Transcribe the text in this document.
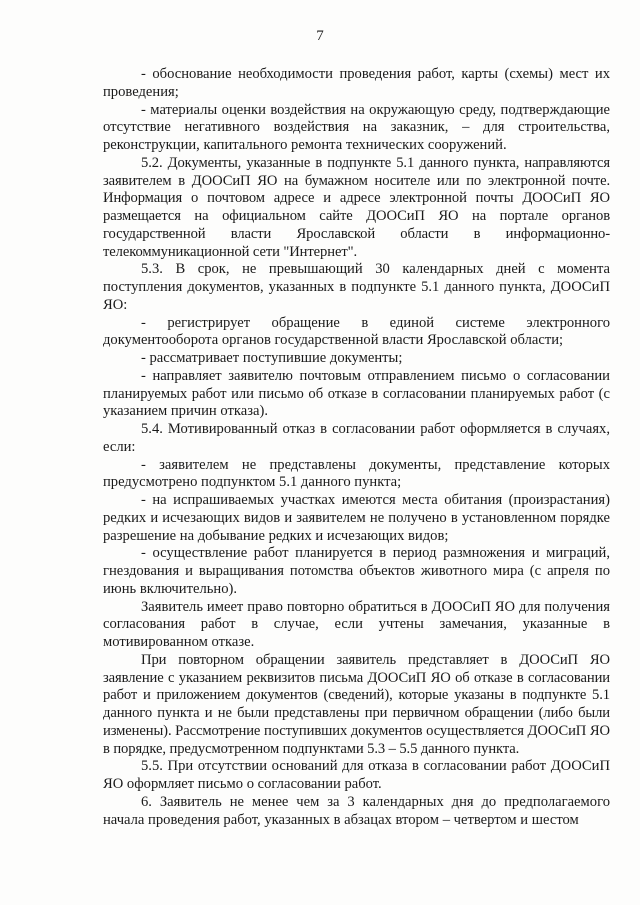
7

- обоснование необходимости проведения работ, карты (схемы) мест их проведения;

- материалы оценки воздействия на окружающую среду, подтверждающие отсутствие негативного воздействия на заказник, – для строительства, реконструкции, капитального ремонта технических сооружений.

5.2. Документы, указанные в подпункте 5.1 данного пункта, направляются заявителем в ДООСиП ЯО на бумажном носителе или по электронной почте. Информация о почтовом адресе и адресе электронной почты ДООСиП ЯО размещается на официальном сайте ДООСиП ЯО на портале органов государственной власти Ярославской области в информационно-телекоммуникационной сети "Интернет".

5.3. В срок, не превышающий 30 календарных дней с момента поступления документов, указанных в подпункте 5.1 данного пункта, ДООСиП ЯО:

- регистрирует обращение в единой системе электронного документооборота органов государственной власти Ярославской области;

- рассматривает поступившие документы;

- направляет заявителю почтовым отправлением письмо о согласовании планируемых работ или письмо об отказе в согласовании планируемых работ (с указанием причин отказа).

5.4. Мотивированный отказ в согласовании работ оформляется в случаях, если:

- заявителем не представлены документы, представление которых предусмотрено подпунктом 5.1 данного пункта;

- на испрашиваемых участках имеются места обитания (произрастания) редких и исчезающих видов и заявителем не получено в установленном порядке разрешение на добывание редких и исчезающих видов;

- осуществление работ планируется в период размножения и миграций, гнездования и выращивания потомства объектов животного мира (с апреля по июнь включительно).

Заявитель имеет право повторно обратиться в ДООСиП ЯО для получения согласования работ в случае, если учтены замечания, указанные в мотивированном отказе.

При повторном обращении заявитель представляет в ДООСиП ЯО заявление с указанием реквизитов письма ДООСиП ЯО об отказе в согласовании работ и приложением документов (сведений), которые указаны в подпункте 5.1 данного пункта и не были представлены при первичном обращении (либо были изменены). Рассмотрение поступивших документов осуществляется ДООСиП ЯО в порядке, предусмотренном подпунктами 5.3 – 5.5 данного пункта.

5.5. При отсутствии оснований для отказа в согласовании работ ДООСиП ЯО оформляет письмо о согласовании работ.

6. Заявитель не менее чем за 3 календарных дня до предполагаемого начала проведения работ, указанных в абзацах втором – четвертом и шестом
